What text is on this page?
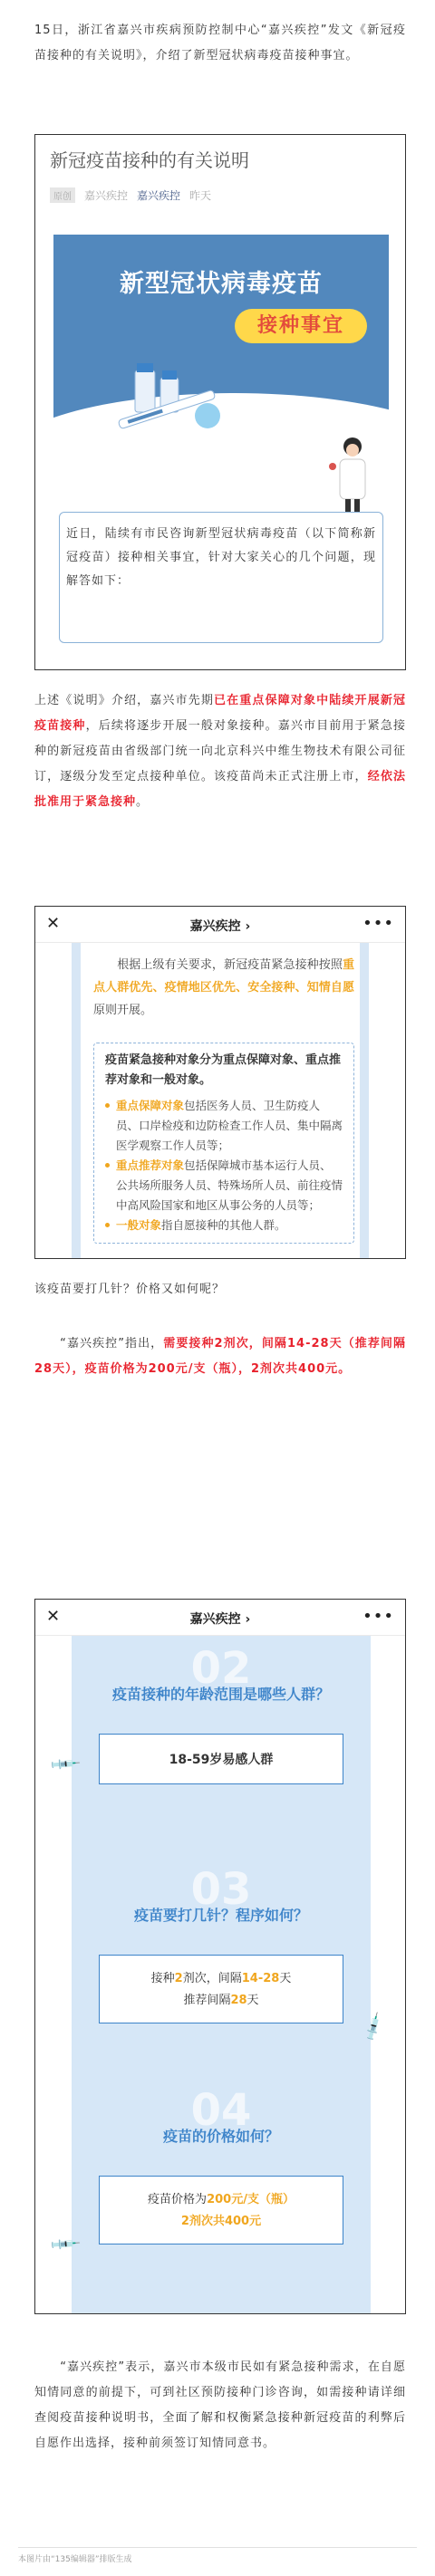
15日，浙江省嘉兴市疾病预防控制中心“嘉兴疾控”发文《新冠疫苗接种的有关说明》，介绍了新型冠状病毒疫苗接种事宜。

新冠疫苗接种的有关说明
原创	嘉兴疾控 嘉兴疾控 昨天
新型冠状病毒疫苗
接种事宜
近日，陆续有市民咨询新型冠状病毒疫苗（以下简称新冠疫苗）接种相关事宜，针对大家关心的几个问题，现解答如下：

上述《说明》介绍，嘉兴市先期已在重点保障对象中陆续开展新冠疫苗接种，后续将逐步开展一般对象接种。嘉兴市目前用于紧急接种的新冠疫苗由省级部门统一向北京科兴中维生物技术有限公司征订，逐级分发至定点接种单位。该疫苗尚未正式注册上市，经依法批准用于紧急接种。

✕	嘉兴疾控 ›	•••
　　根据上级有关要求，新冠疫苗紧急接种按照重点人群优先、疫情地区优先、安全接种、知情自愿原则开展。
疫苗紧急接种对象分为重点保障对象、重点推荐对象和一般对象。
重点保障对象包括医务人员、卫生防疫人员、口岸检疫和边防检查工作人员、集中隔离医学观察工作人员等；
重点推荐对象包括保障城市基本运行人员、公共场所服务人员、特殊场所人员、前往疫情中高风险国家和地区从事公务的人员等；
一般对象指自愿接种的其他人群。

该疫苗要打几针？价格又如何呢？

　　“嘉兴疾控”指出，需要接种2剂次，间隔14-28天（推荐间隔28天），疫苗价格为200元/支（瓶），2剂次共400元。

✕	嘉兴疾控 ›	•••
02
疫苗接种的年龄范围是哪些人群？
18-59岁易感人群
💉
03
疫苗要打几针？程序如何？
接种2剂次，间隔14-28天
推荐间隔28天
💉
04
疫苗的价格如何？
疫苗价格为200元/支（瓶）
2剂次共400元
💉

　　“嘉兴疾控”表示，嘉兴市本级市民如有紧急接种需求，在自愿知情同意的前提下，可到社区预防接种门诊咨询，如需接种请详细查阅疫苗接种说明书，全面了解和权衡紧急接种新冠疫苗的利弊后自愿作出选择，接种前须签订知情同意书。

本图片由“135编辑器”排版生成
